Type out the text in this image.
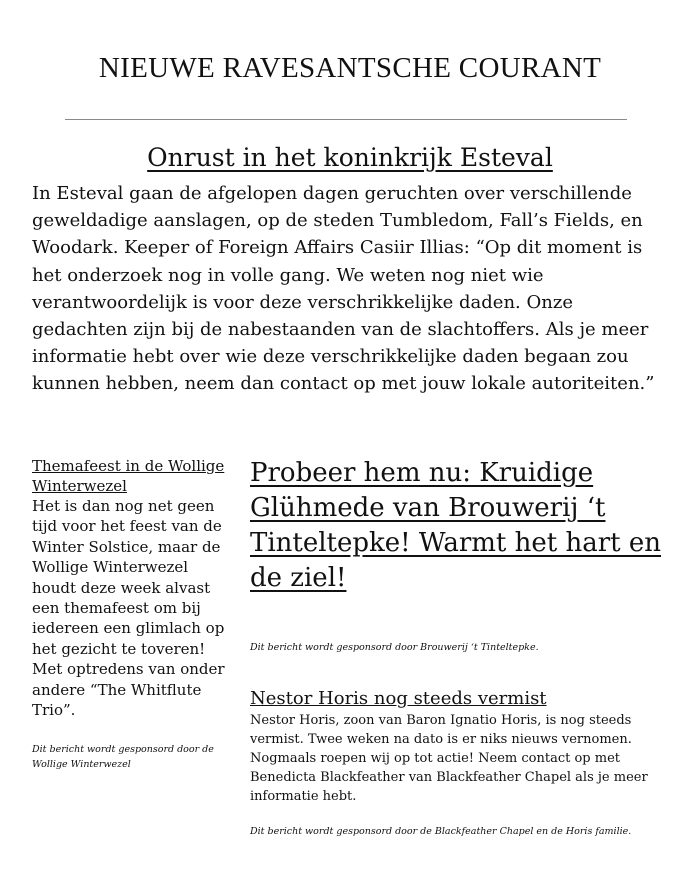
NIEUWE RAVESANTSCHE COURANT
Onrust in het koninkrijk Esteval

In Esteval gaan de afgelopen dagen geruchten over verschillende geweldadige aanslagen, op de steden Tumbledom, Fall’s Fields, en Woodark. Keeper of Foreign Affairs Casiir Illias: “Op dit moment is het onderzoek nog in volle gang. We weten nog niet wie verantwoordelijk is voor deze verschrikkelijke daden. Onze gedachten zijn bij de nabestaanden van de slachtoffers. Als je meer informatie hebt over wie deze verschrikkelijke daden begaan zou kunnen hebben, neem dan contact op met jouw lokale autoriteiten.”

Themafeest in de Wollige Winterwezel

Het is dan nog net geen tijd voor het feest van de Winter Solstice, maar de Wollige Winterwezel houdt deze week alvast een themafeest om bij iedereen een glimlach op het gezicht te toveren! Met optredens van onder andere “The Whitflute Trio”.

Dit bericht wordt gesponsord door de Wollige Winterwezel
Probeer hem nu: Kruidige Glühmede van Brouwerij ‘t Tinteltepke! Warmt het hart en de ziel!
Dit bericht wordt gesponsord door Brouwerij ‘t Tinteltepke.
Nestor Horis nog steeds vermist

Nestor Horis, zoon van Baron Ignatio Horis, is nog steeds vermist. Twee weken na dato is er niks nieuws vernomen. Nogmaals roepen wij op tot actie! Neem contact op met Benedicta Blackfeather van Blackfeather Chapel als je meer informatie hebt.

Dit bericht wordt gesponsord door de Blackfeather Chapel en de Horis familie.
